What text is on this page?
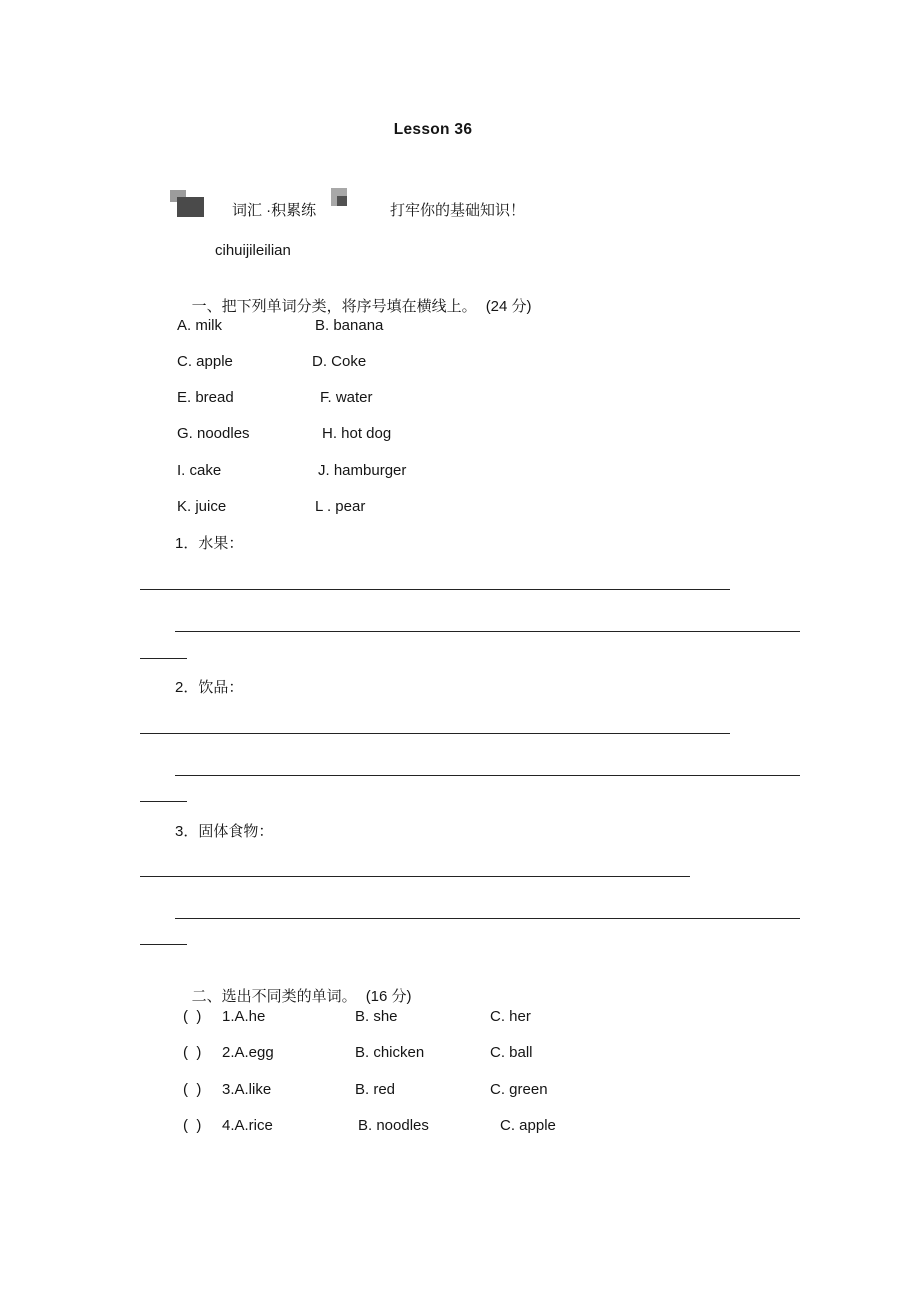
Lesson 36
词汇 ·积累练	打牢你的基础知识！
cihuijileilian

一、把下列单词分类，将序号填在横线上。 (24 分)

A. milk	B. banana
C. apple	D. Coke
E. bread	F. water
G. noodles	H. hot dog
I. cake	J. hamburger
K. juice	L . pear
1．水果：
2．饮品：
3．固体食物：

二、选出不同类的单词。 (16 分)

(  ) 1.A.he	B. she	C. her
(  ) 2.A.egg	B. chicken	C. ball
(  ) 3.A.like	B. red	C. green
(  ) 4.A.rice	B. noodles	C. apple
